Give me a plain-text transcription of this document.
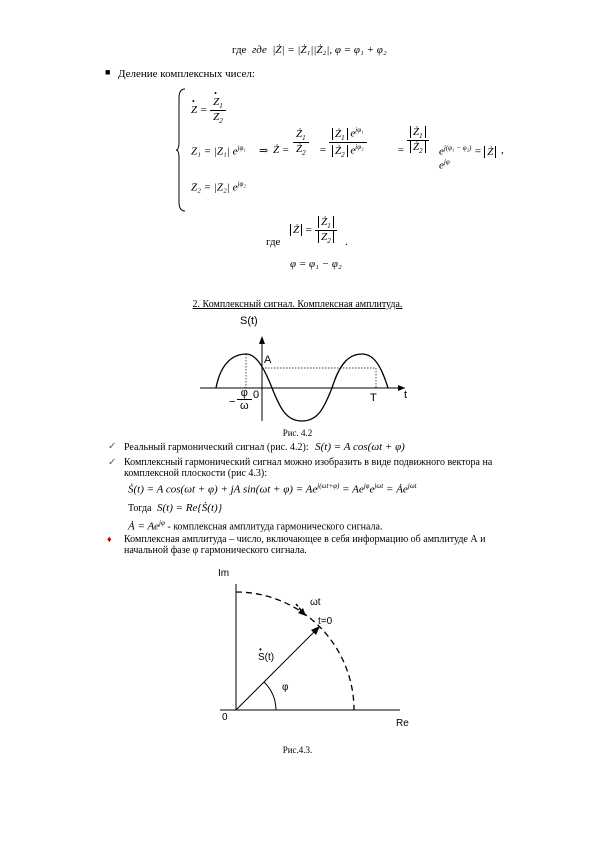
где где |Ż| = |Ż₁||Ż₂|, φ = φ₁ + φ₂
■ Деление комплексных чисел:
• Z =
• $\frac{Z_1}{Z_2}$
Z₁ = |Z₁| $e^{j\varphi_1}$
Z₂ = |Z₂| $e^{j\varphi_2}$
⇒ Ż = $\frac{Ż_1}{Ż_2} = \frac{Ż_1 e^{j\varphi_1}}{Ż_2 e^{j\varphi_2}}$	= $\frac{Ż_1}{Ż_2} e^{j(\varphi_1 - \varphi_2)}$ = Ż $e^{j\varphi}$
,
где
Ż = $\frac{Ż_1}{Z_2}$ .
φ = φ₁ − φ₂
2. Комплексный сигнал. Комплексная амплитуда.
S(t)
A
0	t
T
− $\frac{\varphi}{\omega}$
Рис. 4.2
✓ Реальный гармонический сигнал (рис. 4.2): S(t) = A cos(ωt + φ)
✓ Комплексный гармонический сигнал можно изобразить в виде подвижного вектора на комплексной плоскости (рис 4.3):
Ṡ(t) = A cos(ωt + φ) + jA $\sin(\omega t + \varphi) = Ae^{j(\omega t+\varphi)} = Ae^{j\varphi}e^{j\omega t}$ = $Ȧe^{j\omega t}$
Тогда S(t) = Re{Ṡ(t)}
Ȧ = $Ae^{j\varphi}$ - комплексная амплитуда гармонического сигнала.
♦ Комплексная амплитуда – число, включающее в себя информацию об амплитуде А и начальной фазе φ гармонического сигнала.
Im
Re
0
ωt
t=0
• S(t)
φ
Рис.4.3.
